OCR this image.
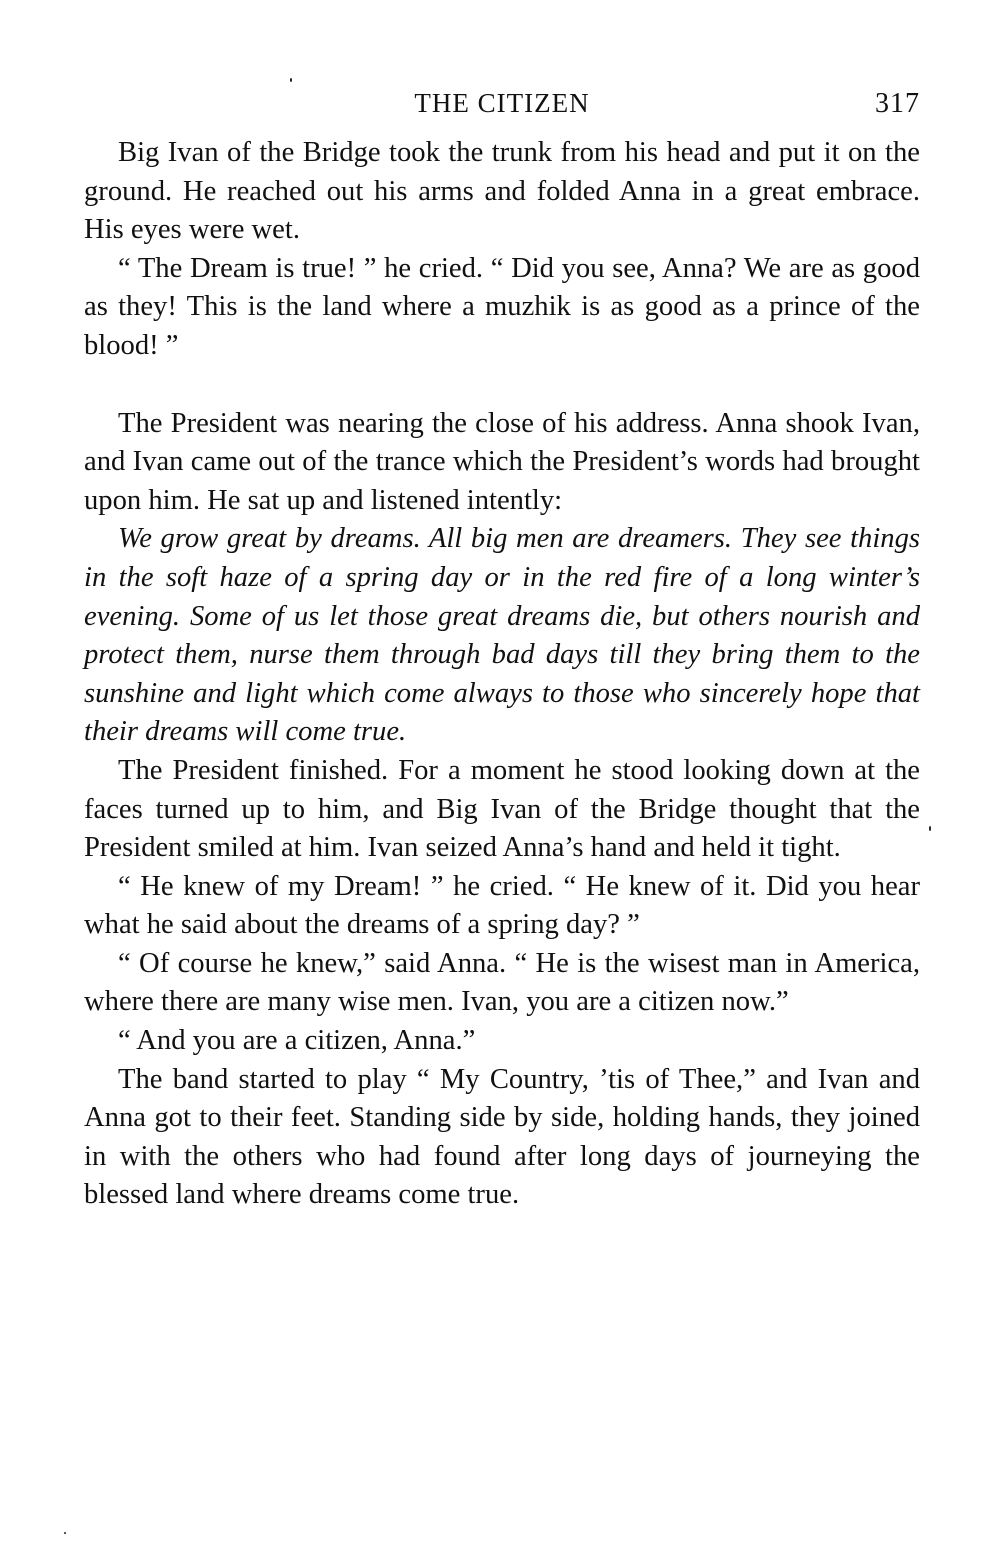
THE CITIZEN	317

Big Ivan of the Bridge took the trunk from his head and put it on the ground. He reached out his arms and folded Anna in a great embrace. His eyes were wet.

“ The Dream is true! ” he cried. “ Did you see, Anna? We are as good as they! This is the land where a muzhik is as good as a prince of the blood! ”

The President was nearing the close of his address. Anna shook Ivan, and Ivan came out of the trance which the President’s words had brought upon him. He sat up and listened intently:

We grow great by dreams. All big men are dreamers. They see things in the soft haze of a spring day or in the red fire of a long winter’s evening. Some of us let those great dreams die, but others nourish and protect them, nurse them through bad days till they bring them to the sunshine and light which come always to those who sincerely hope that their dreams will come true.

The President finished. For a moment he stood looking down at the faces turned up to him, and Big Ivan of the Bridge thought that the President smiled at him. Ivan seized Anna’s hand and held it tight.

“ He knew of my Dream! ” he cried. “ He knew of it. Did you hear what he said about the dreams of a spring day? ”

“ Of course he knew,” said Anna. “ He is the wisest man in America, where there are many wise men. Ivan, you are a citizen now.”

“ And you are a citizen, Anna.”

The band started to play “ My Country, ’tis of Thee,” and Ivan and Anna got to their feet. Standing side by side, holding hands, they joined in with the others who had found after long days of journeying the blessed land where dreams come true.
